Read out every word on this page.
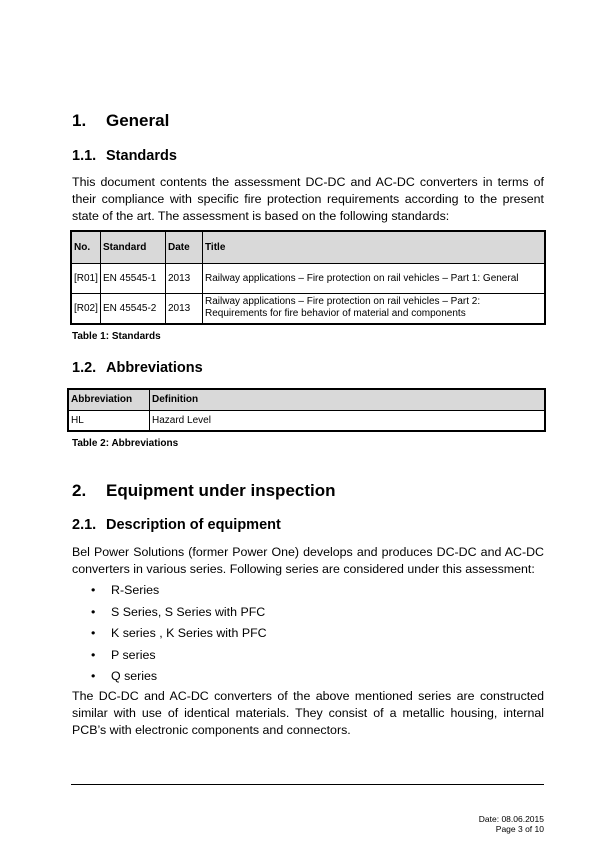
1. General
1.1. Standards
This document contents the assessment DC-DC and AC-DC converters in terms of their compliance with specific fire protection requirements according to the present state of the art. The assessment is based on the following standards:
No.	Standard	Date	Title
[R01]	EN 45545-1	2013	Railway applications – Fire protection on rail vehicles – Part 1: General
[R02]	EN 45545-2	2013	Railway applications – Fire protection on rail vehicles – Part 2: Requirements for fire behavior of material and components
Table 1: Standards
1.2. Abbreviations
Abbreviation	Definition
HL	Hazard Level
Table 2: Abbreviations
2. Equipment under inspection
2.1. Description of equipment
Bel Power Solutions (former Power One) develops and produces DC-DC and AC-DC converters in various series. Following series are considered under this assessment:
• R-Series
• S Series, S Series with PFC
• K series , K Series with PFC
• P series
• Q series
The DC-DC and AC-DC converters of the above mentioned series are constructed similar with use of identical materials. They consist of a metallic housing, internal PCB’s with electronic components and connectors.
Date: 08.06.2015
Page 3 of 10
